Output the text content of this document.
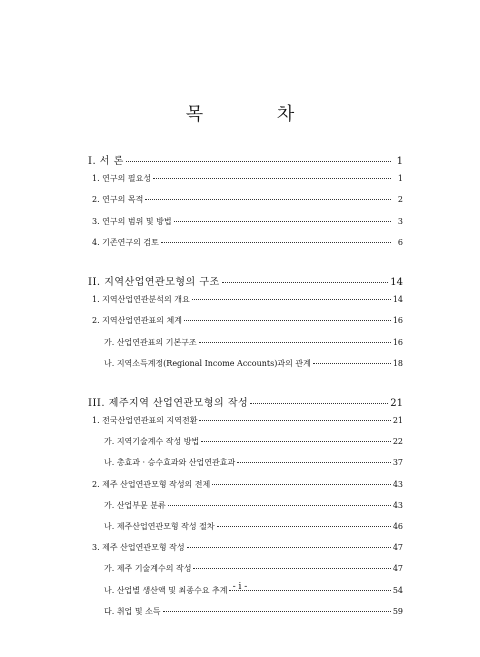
목 차
I. 서 론	1
1. 연구의 필요성	1
2. 연구의 목적	2
3. 연구의 범위 및 방법	3
4. 기존연구의 검토	6
II. 지역산업연관모형의 구조	14
1. 지역산업연관분석의 개요	14
2. 지역산업연관표의 체계	16
가. 산업연관표의 기본구조	16
나. 지역소득계정(Regional Income Accounts)과의 관계	18
III. 제주지역 산업연관모형의 작성	21
1. 전국산업연관표의 지역전환	21
가. 지역기술계수 작성 방법	22
나. 총효과 · 승수효과와 산업연관효과	37
2. 제주 산업연관모형 작성의 전제	43
가. 산업부문 분류	43
나. 제주산업연관모형 작성 절차	46
3. 제주 산업연관모형 작성	47
가. 제주 기술계수의 작성	47
나. 산업별 생산액 및 최종수요 추계	54
다. 취업 및 소득	59
- i -
